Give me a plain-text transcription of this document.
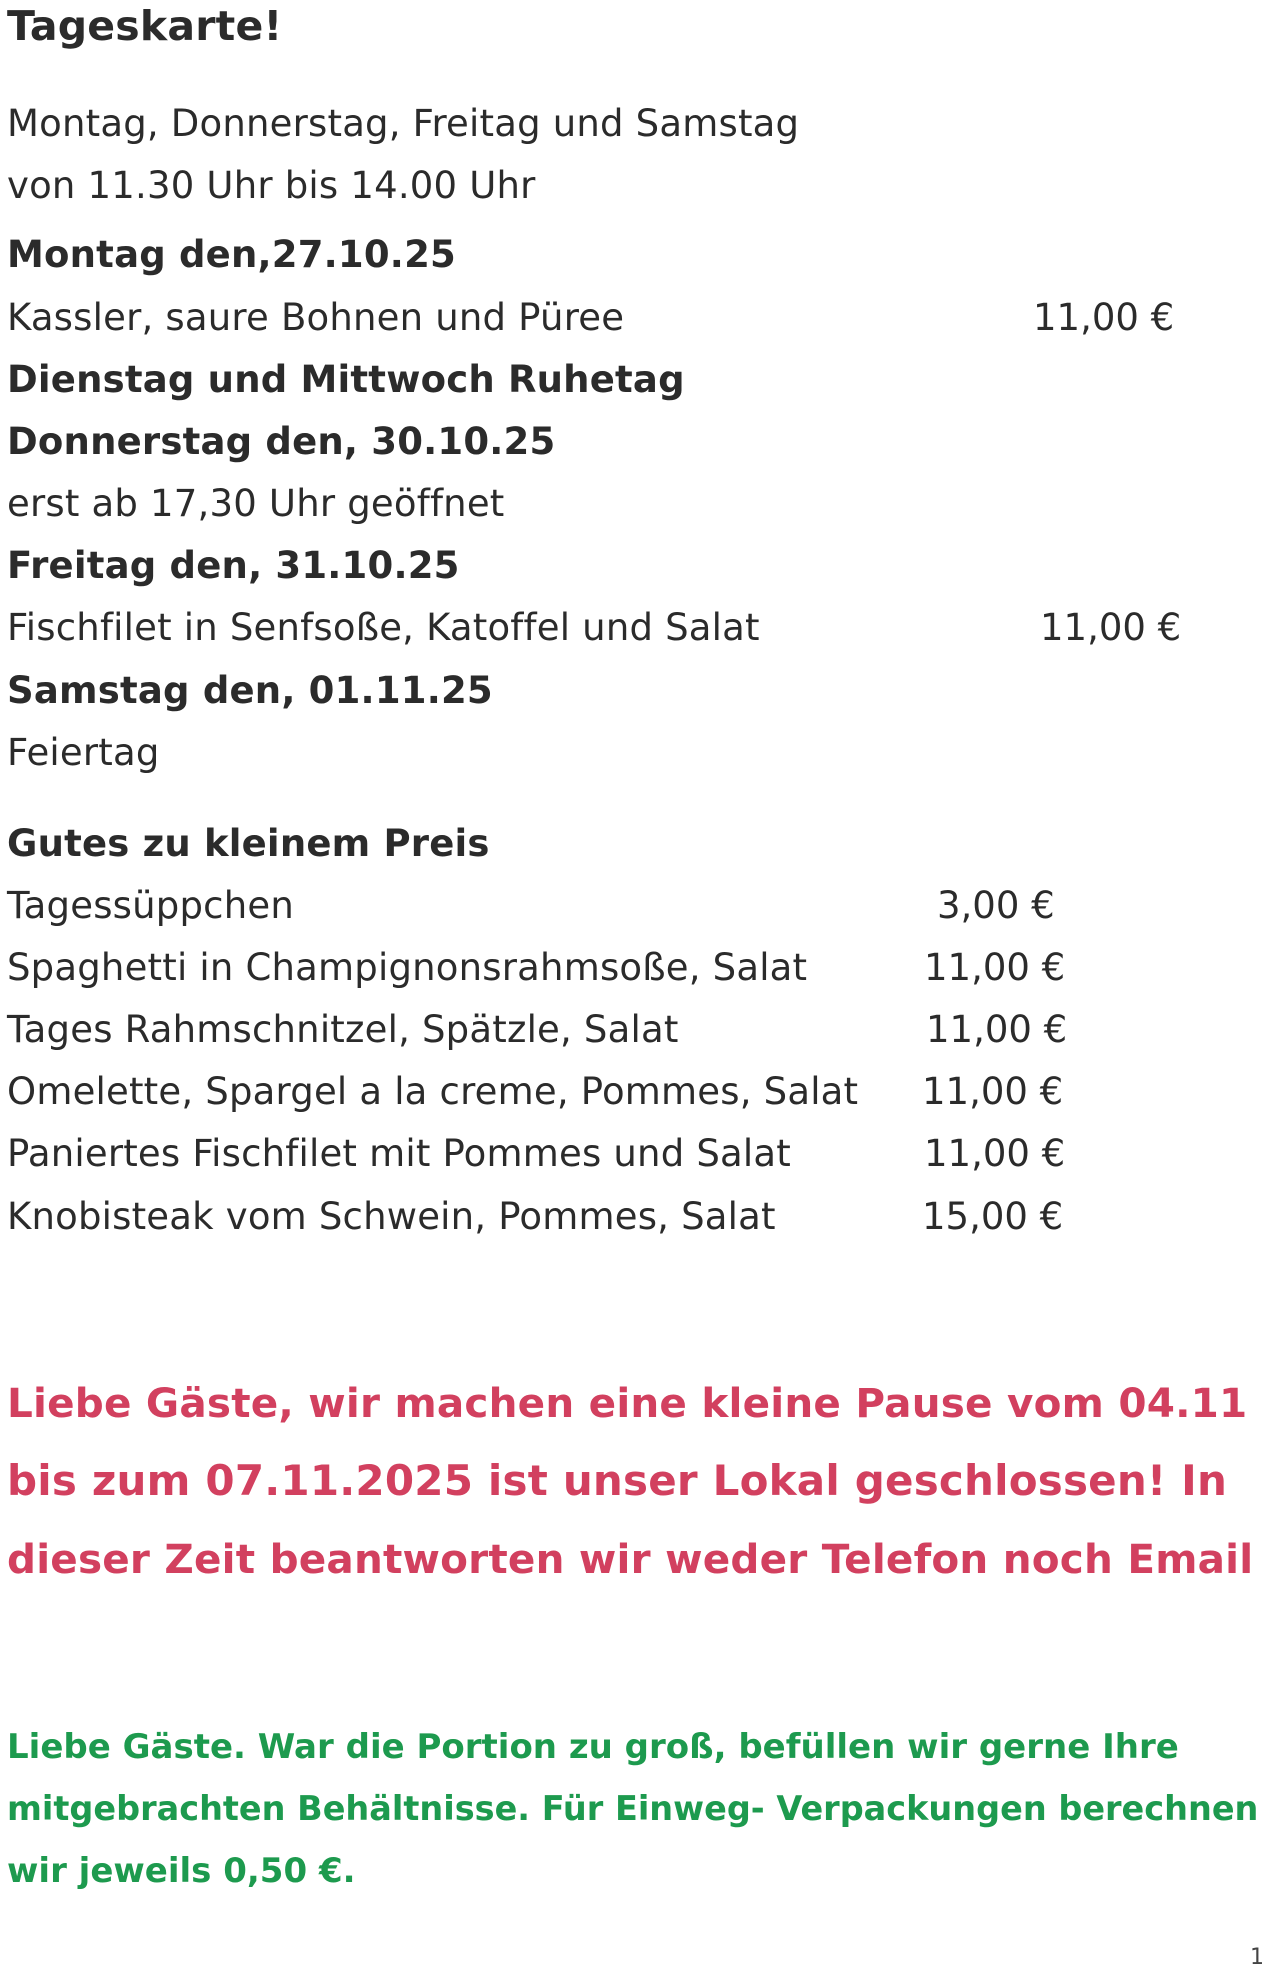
Tageskarte!
Montag, Donnerstag, Freitag und Samstag
von 11.30 Uhr bis 14.00 Uhr
Montag den,27.10.25
Kassler, saure Bohnen und Püree	11,00 €
Dienstag und Mittwoch Ruhetag
Donnerstag den, 30.10.25
erst ab 17,30 Uhr geöffnet
Freitag den, 31.10.25
Fischfilet in Senfsoße, Katoffel und Salat	11,00 €
Samstag den, 01.11.25
Feiertag
Gutes zu kleinem Preis
Tagessüppchen	3,00 €
Spaghetti in Champignonsrahmsoße, Salat	11,00 €
Tages Rahmschnitzel, Spätzle, Salat	11,00 €
Omelette, Spargel a la creme, Pommes, Salat 11,00 €
Paniertes Fischfilet mit Pommes und Salat	11,00 €
Knobisteak vom Schwein, Pommes, Salat	15,00 €
Liebe Gäste, wir machen eine kleine Pause vom 04.11
bis zum 07.11.2025 ist unser Lokal geschlossen! In
dieser Zeit beantworten wir weder Telefon noch Email
Liebe Gäste. War die Portion zu groß, befüllen wir gerne Ihre
mitgebrachten Behältnisse. Für Einweg- Verpackungen berechnen
wir jeweils 0,50 €.
1
